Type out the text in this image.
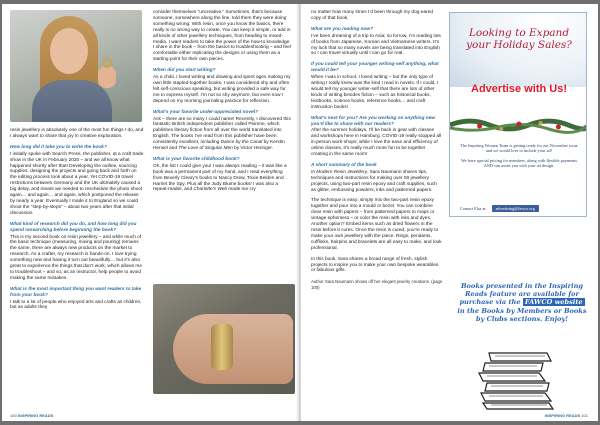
resin jewellery is absolutely one of the most fun things I do, and I always want to share that joy in creative exploration.

How long did it take you to write the book?

I initially spoke with Search Press, the publisher, at a craft trade show in the UK in February 2020 – and we all know what happened shortly after that! Developing the outline, sourcing supplies, designing the projects and going back and forth on the editing process took about a year. Yet COVID-19 travel restrictions between Germany and the UK ultimately caused a big delay, and meant we needed to reschedule the photo shoot again… and again… and again, which postponed the release by nearly a year. Eventually I made it to England so we could shoot the “step-by-steps” – about two years after that initial discussion.

What kind of research did you do, and how long did you spend researching before beginning the book?

This is my second book on resin jewellery – and while much of the basic technique (measuring, mixing and pouring) remains the same, there are always new products on the market to research. As a crafter, my research is hands-on. I love trying something new and having it turn out beautifully… but it’s also great to experience the things that don’t work, which allows me to troubleshoot – and so, as an instructor, help people to avoid making the same mistakes.

What is the most important thing you want readers to take from your book?

I talk to a lot of people who enjoyed arts and crafts as children, but as adults they

consider themselves “uncreative.” Sometimes, that’s because someone, somewhere along the line, told them they were doing something wrong. With resin, once you know the basics, there really is no wrong way to create. You can keep it simple, or add in all kinds of other jewellery techniques, from beading to mixed-media. I want readers to take the power of the how-to knowledge I share in the book – from the basics to troubleshooting – and feel comfortable either replicating the designs or using them as a starting point for their own pieces.

When did you start writing?

As a child, I loved writing and drawing and spent ages making my own little stapled-together books. I was considered shy and often felt self-conscious speaking, but writing provided a safe way for me to express myself. I’m not so shy anymore, but even now I depend on my morning journaling practice for reflection.

What’s your favorite under-appreciated novel?

Ack – there are so many I could name! Recently, I discovered this fantastic British independent publisher called Peirene, which publishes literary fiction from all over the world translated into English. The books I’ve read from this publisher have been consistently excellent, including Dance by the Canal by Kerstin Hensel and The Love of Singular Men by Victor Heringer.

What is your favorite childhood book?

Oh, the list I could give you! I was always reading – it was like a book was a permanent part of my hand, and I read everything from Beverly Cleary’s books to Nancy Drew, Trixie Belden and Harriet the Spy. Plus all the Judy Blume books! I was also a repeat-reader, and Charlotte’s Web made me cry

100 INSPIRING READS

no matter how many times I’d been through my dog-eared copy of that book.

What are you reading now?

I’ve been dreaming of a trip to Asia; so forrow, I’m reading lots of books from Japanese, Korean and Vietnamese writers. It’s my luck that so many novels are being translated into English so I can travel virtually until I can go for real.

If you could tell your younger writing-self anything, what would it be?

When I was in school, I loved writing – but the only type of writing I really knew was the kind I read in novels. If I could, I would tell my younger writer-self that there are lots of other kinds of writing besides fiction – such as historical books, textbooks, science books, reference books… and craft instruction books!

What’s next for you? Are you working on anything new you’d like to share with our readers?

After the summer holidays, I’ll be back in gear with classes and workshops here in Hamburg. COVID-19 really stopped all in-person work-shops; while I love the ease and efficiency of online classes, it’s really much more fun to be together creating in the same room!

A short summary of the book

In Modern Resin Jewellery, Sara Naumann shares tips, techniques and instructions for making over 50 jewellery projects, using two-part resin epoxy and craft supplies, such as glitter, embossing powders, inks and patterned papers.

The technique is easy: simply mix the two-part resin epoxy together and pour into a mould or bezel. You can combine clear resin with papers – from patterned papers to maps or vintage ephemera – or color the resin with inks and dyes. Another option? Embed items such as dried flowers in the resin before it cures. Once the resin is cured, you’re ready to make your own jewellery with the piece. Rings, pendants, cufflinks, hairpins and bracelets are all easy to make, and look professional.

In this book, Sara shares a broad range of fresh, stylish projects to inspire you to make your own bespoke wearables or fabulous gifts.

Author Sara Naumann shows off her elegant jewelry creations. (page 100)
Looking to Expand your Holiday Sales?
Advertise with Us!

The Inspiring Women Team is getting ready for our November issue and we would love to include your ad!

We have special pricing for members, along with flexible payments AND can assist you with your ad design.

Contact Elsa at: advertising@fawco.org
Books presented in the Inspiring Reads feature are available for purchase via the FAWCO website in the Books by Members or Books by Clubs sections. Enjoy!
INSPIRING READS 101
